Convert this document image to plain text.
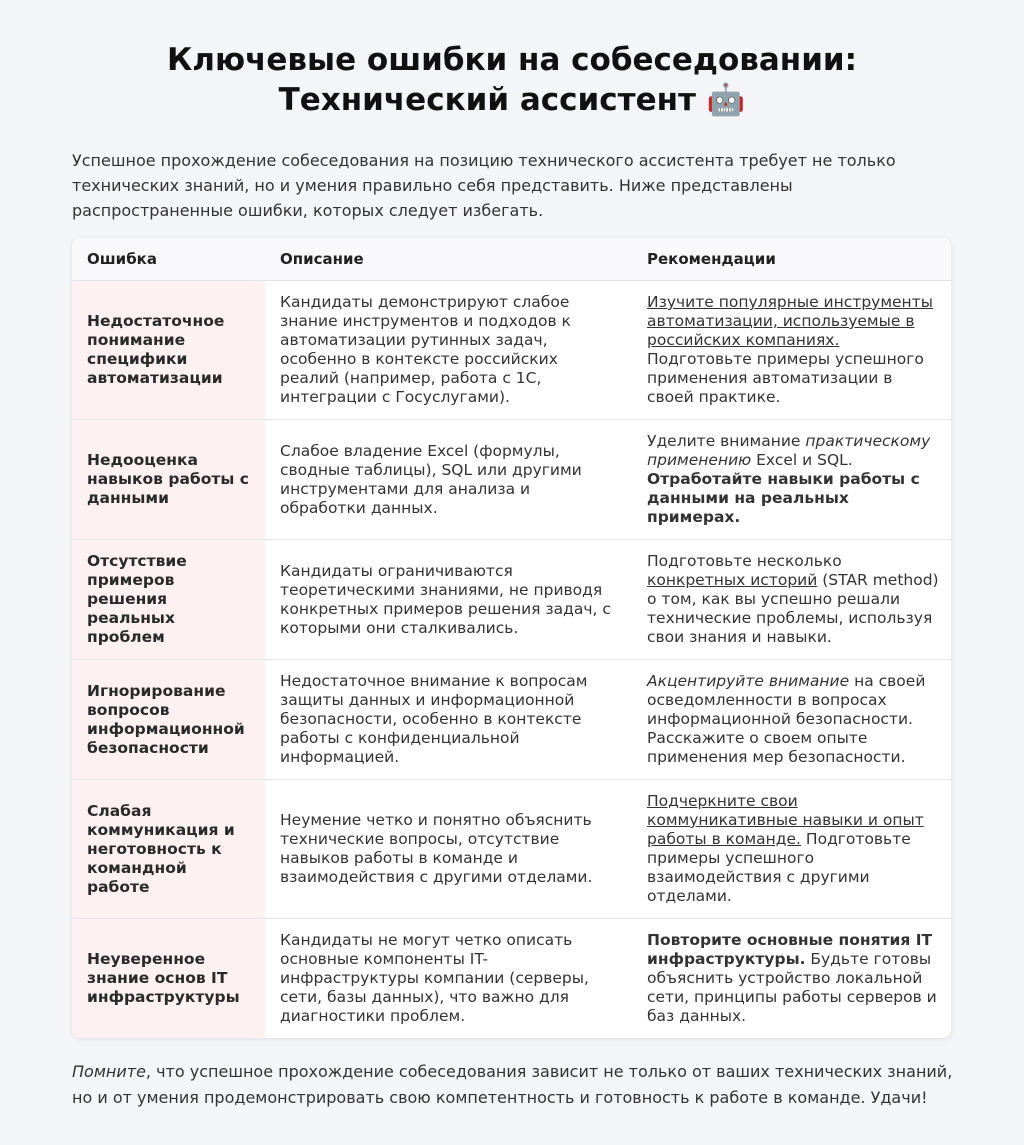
Ключевые ошибки на собеседовании:
Технический ассистент 🤖

Успешное прохождение собеседования на позицию технического ассистента требует не только технических знаний, но и умения правильно себя представить. Ниже представлены распространенные ошибки, которых следует избегать.

Ошибка	Описание	Рекомендации
Недостаточное понимание специфики автоматизации	Кандидаты демонстрируют слабое знание инструментов и подходов к автоматизации рутинных задач, особенно в контексте российских реалий (например, работа с 1С, интеграции с Госуслугами).	Изучите популярные инструменты автоматизации, используемые в российских компаниях. Подготовьте примеры успешного применения автоматизации в своей практике.
Недооценка навыков работы с данными	Слабое владение Excel (формулы, сводные таблицы), SQL или другими инструментами для анализа и обработки данных.	Уделите внимание практическому применению Excel и SQL. Отработайте навыки работы с данными на реальных примерах.
Отсутствие примеров решения реальных проблем	Кандидаты ограничиваются теоретическими знаниями, не приводя конкретных примеров решения задач, с которыми они сталкивались.	Подготовьте несколько конкретных историй (STAR method) о том, как вы успешно решали технические проблемы, используя свои знания и навыки.
Игнорирование вопросов информационной безопасности	Недостаточное внимание к вопросам защиты данных и информационной безопасности, особенно в контексте работы с конфиденциальной информацией.	Акцентируйте внимание на своей осведомленности в вопросах информационной безопасности. Расскажите о своем опыте применения мер безопасности.
Слабая коммуникация и неготовность к командной работе	Неумение четко и понятно объяснить технические вопросы, отсутствие навыков работы в команде и взаимодействия с другими отделами.	Подчеркните свои коммуникативные навыки и опыт работы в команде. Подготовьте примеры успешного взаимодействия с другими отделами.
Неуверенное знание основ IT инфраструктуры	Кандидаты не могут четко описать основные компоненты IT-инфраструктуры компании (серверы, сети, базы данных), что важно для диагностики проблем.	Повторите основные понятия IT инфраструктуры. Будьте готовы объяснить устройство локальной сети, принципы работы серверов и баз данных.

Помните, что успешное прохождение собеседования зависит не только от ваших технических знаний, но и от умения продемонстрировать свою компетентность и готовность к работе в команде. Удачи!
